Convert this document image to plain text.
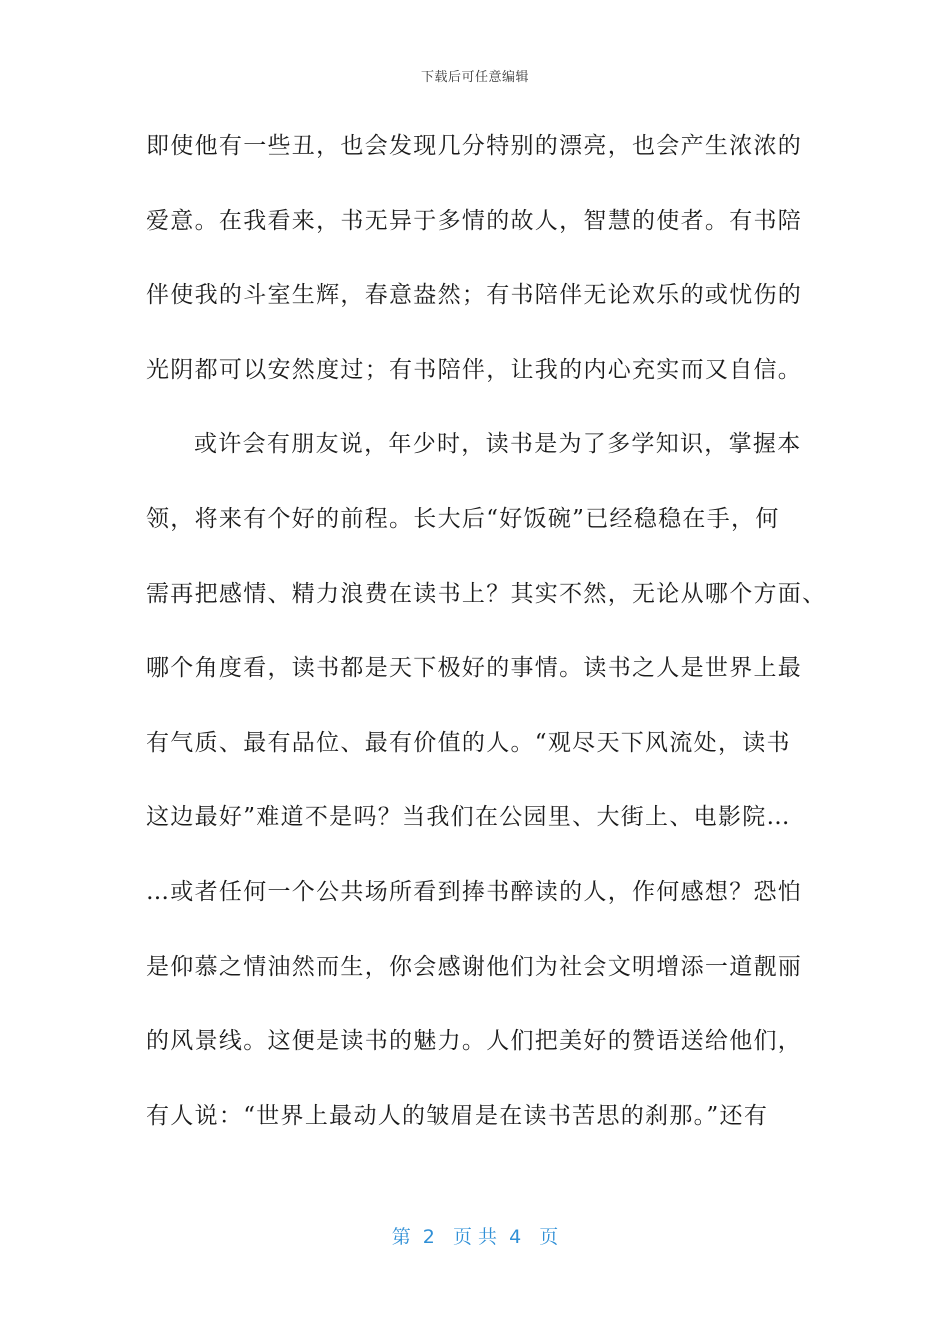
下载后可任意编辑
即使他有一些丑，也会发现几分特别的漂亮，也会产生浓浓的
爱意。在我看来，书无异于多情的故人，智慧的使者。有书陪
伴使我的斗室生辉，春意盎然；有书陪伴无论欢乐的或忧伤的
光阴都可以安然度过；有书陪伴，让我的内心充实而又自信。
或许会有朋友说，年少时，读书是为了多学知识，掌握本
领，将来有个好的前程。长大后“好饭碗”已经稳稳在手，何
需再把感情、精力浪费在读书上？其实不然，无论从哪个方面、
哪个角度看，读书都是天下极好的事情。读书之人是世界上最
有气质、最有品位、最有价值的人。“观尽天下风流处，读书
这边最好”难道不是吗？当我们在公园里、大街上、电影院…
…或者任何一个公共场所看到捧书醉读的人，作何感想？恐怕
是仰慕之情油然而生，你会感谢他们为社会文明增添一道靓丽
的风景线。这便是读书的魅力。人们把美好的赞语送给他们，
有人说：“世界上最动人的皱眉是在读书苦思的刹那。”还有
第  2   页 共  4   页
